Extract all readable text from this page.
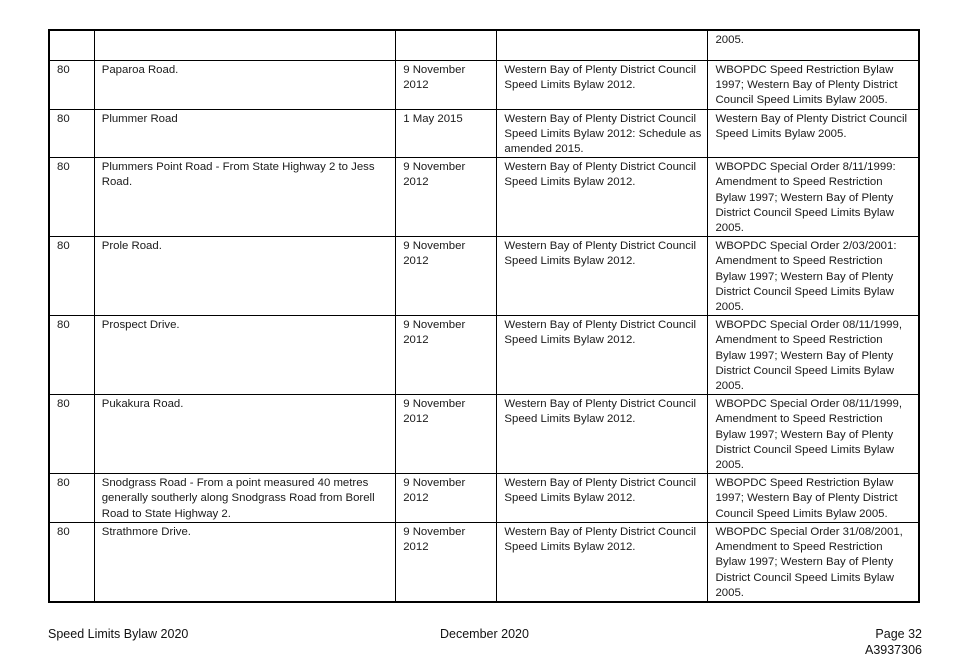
				2005.
80	Paparoa Road.	9 November 2012	Western Bay of Plenty District Council Speed Limits Bylaw 2012.	WBOPDC Speed Restriction Bylaw 1997; Western Bay of Plenty District Council Speed Limits Bylaw 2005.
80	Plummer Road	1 May 2015	Western Bay of Plenty District Council Speed Limits Bylaw 2012: Schedule as amended 2015.	Western Bay of Plenty District Council Speed Limits Bylaw 2005.
80	Plummers Point Road - From State Highway 2 to Jess Road.	9 November 2012	Western Bay of Plenty District Council Speed Limits Bylaw 2012.	WBOPDC Special Order 8/11/1999: Amendment to Speed Restriction Bylaw 1997; Western Bay of Plenty District Council Speed Limits Bylaw 2005.
80	Prole Road.	9 November 2012	Western Bay of Plenty District Council Speed Limits Bylaw 2012.	WBOPDC Special Order 2/03/2001: Amendment to Speed Restriction Bylaw 1997; Western Bay of Plenty District Council Speed Limits Bylaw 2005.
80	Prospect Drive.	9 November 2012	Western Bay of Plenty District Council Speed Limits Bylaw 2012.	WBOPDC Special Order 08/11/1999, Amendment to Speed Restriction Bylaw 1997; Western Bay of Plenty District Council Speed Limits Bylaw 2005.
80	Pukakura Road.	9 November 2012	Western Bay of Plenty District Council Speed Limits Bylaw 2012.	WBOPDC Special Order 08/11/1999, Amendment to Speed Restriction Bylaw 1997; Western Bay of Plenty District Council Speed Limits Bylaw 2005.
80	Snodgrass Road - From a point measured 40 metres generally southerly along Snodgrass Road from Borell Road to State Highway 2.	9 November 2012	Western Bay of Plenty District Council Speed Limits Bylaw 2012.	WBOPDC Speed Restriction Bylaw 1997; Western Bay of Plenty District Council Speed Limits Bylaw 2005.
80	Strathmore Drive.	9 November 2012	Western Bay of Plenty District Council Speed Limits Bylaw 2012.	WBOPDC Special Order 31/08/2001, Amendment to Speed Restriction Bylaw 1997; Western Bay of Plenty District Council Speed Limits Bylaw 2005.
Speed Limits Bylaw 2020	December 2020	Page 32
A3937306
